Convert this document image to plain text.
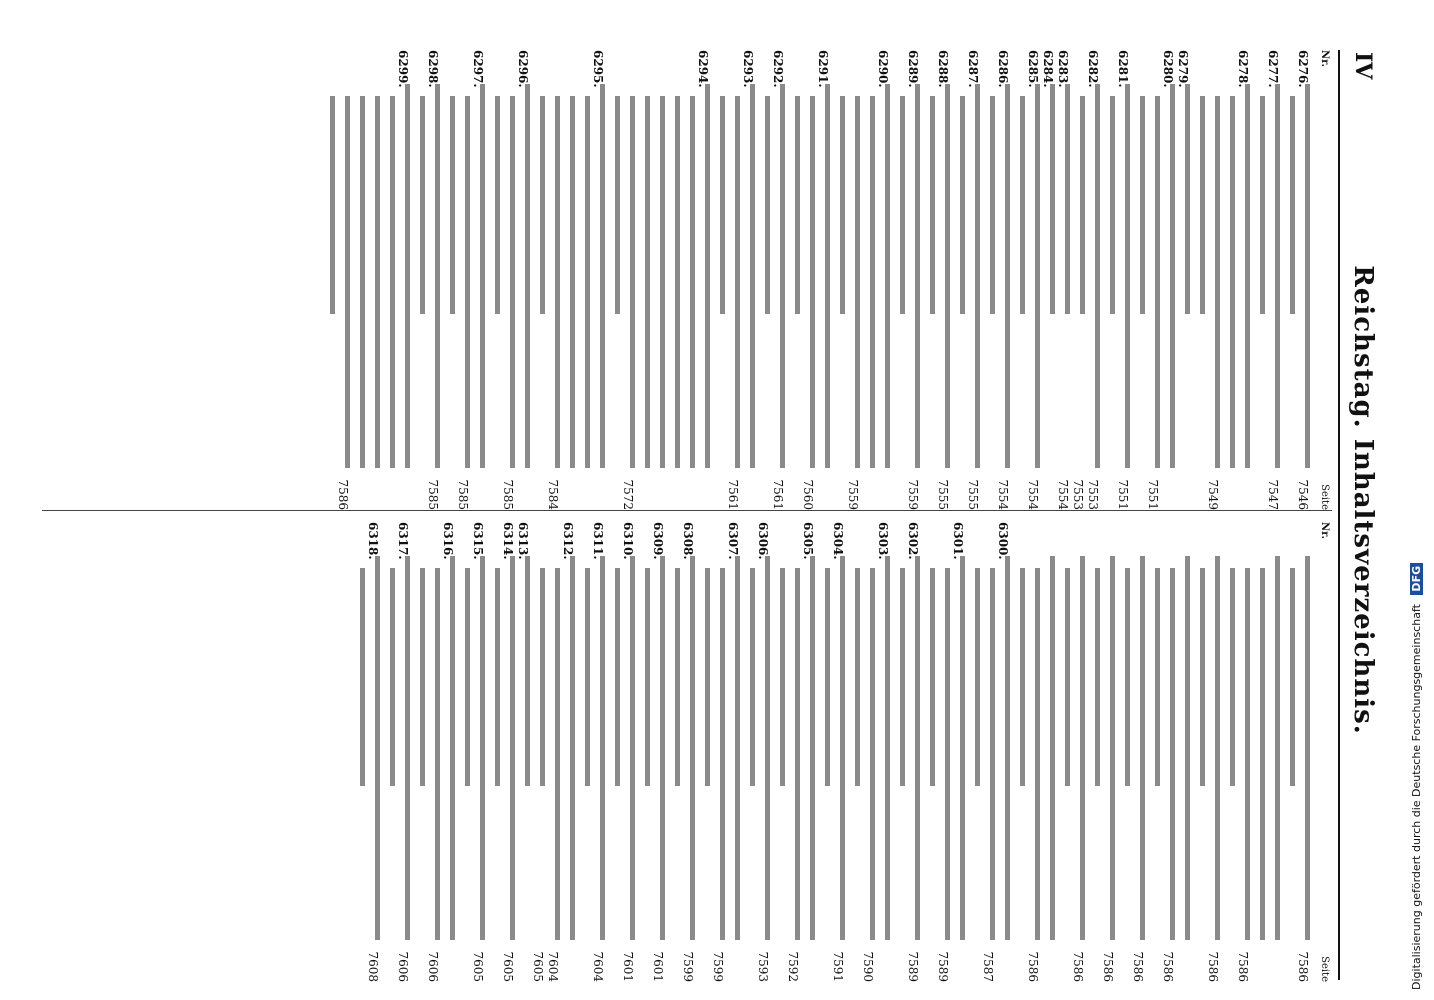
IV
Reichstag. Inhaltsverzeichnis.
Nr.
Seite
6276.
7546
6277.
7547
6278.
7549
6279.
6280.
7551
6281.
7551
6282.
7553
6283.
7553
6284.
7554
6285.
7554
6286.
7554
6287.
7555
6288.
7555
6289.
7559
6290.
7559
6291.
7560
6292.
7561
6293.
7561
6294.
7572
6295.
7584
6296.
7585
6297.
7585
6298.
7585
6299.
7586
Nr.
Seite
7586
7586
7586
7586
7586
7586
7586
7586
6300.
7587
6301.
7589
6302.
7589
6303.
7590
6304.
7591
6305.
7592
6306.
7593
6307.
7599
6308.
7599
6309.
7601
6310.
7601
6311.
7604
6312.
7604
6313.
7605
6314.
7605
6315.
7605
6316.
7606
6317.
7606
6318.
7608	Digitalisierung gefördert durch die Deutsche Forschungsgemeinschaft DFG
